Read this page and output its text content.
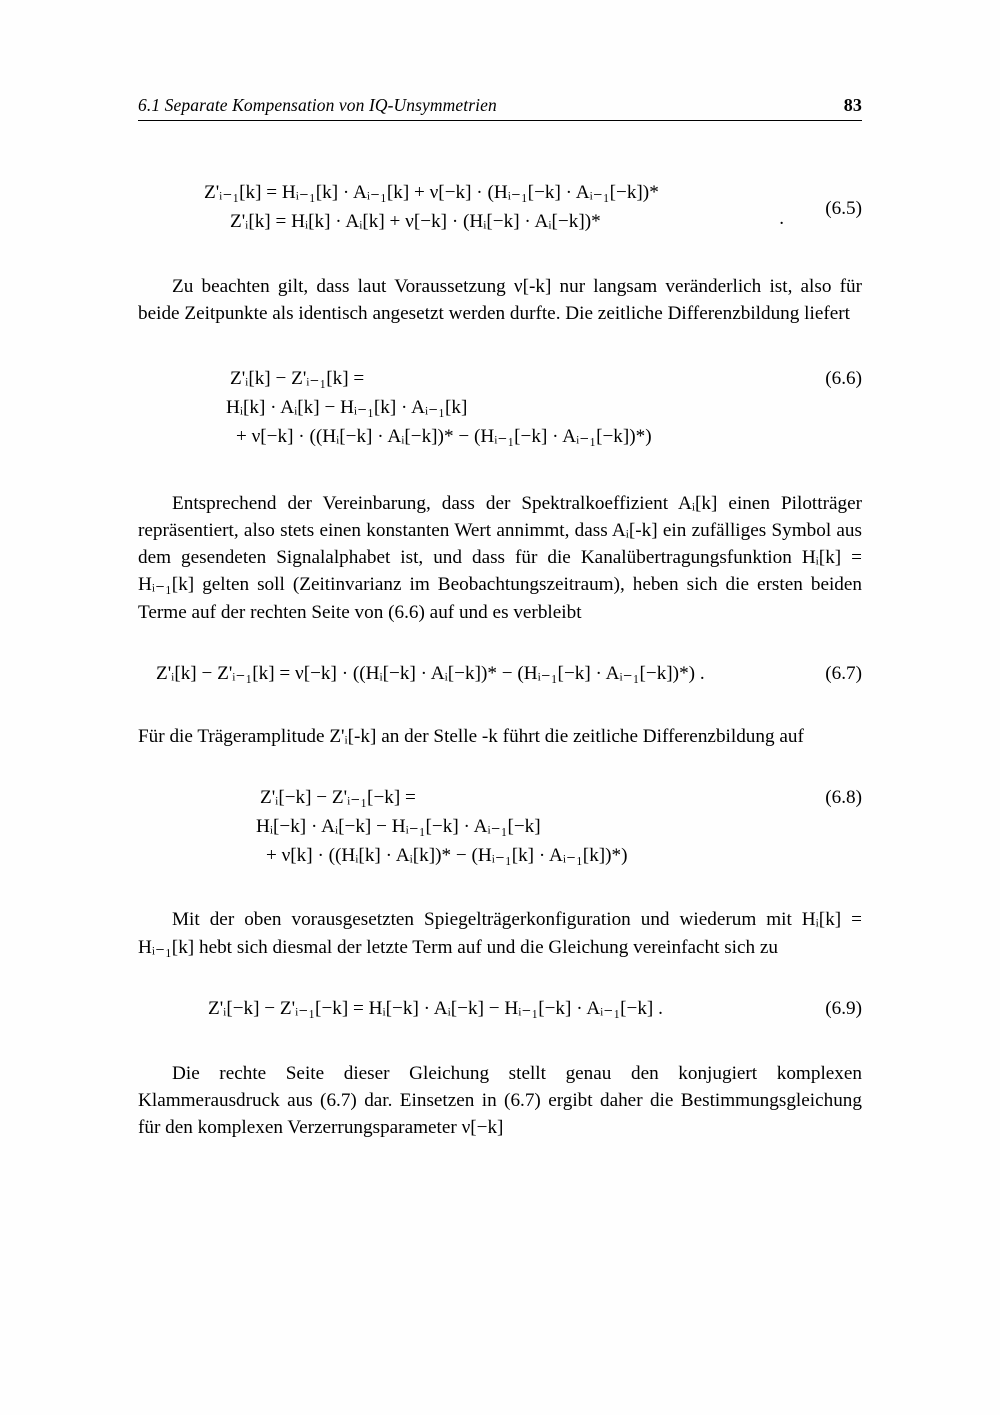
6.1 Separate Kompensation von IQ-Unsymmetrien	83
Z'ᵢ₋₁[k] = Hᵢ₋₁[k] · Aᵢ₋₁[k] + ν[−k] · (Hᵢ₋₁[−k] · Aᵢ₋₁[−k])*
Z'ᵢ[k] = Hᵢ[k] · Aᵢ[k] + ν[−k] · (Hᵢ[−k] · Aᵢ[−k])*	. (6.5)

Zu beachten gilt, dass laut Voraussetzung ν[-k] nur langsam veränderlich ist, also für beide Zeitpunkte als identisch angesetzt werden durfte. Die zeitliche Differenzbildung liefert

Z'ᵢ[k] − Z'ᵢ₋₁[k] =
Hᵢ[k] · Aᵢ[k] − Hᵢ₋₁[k] · Aᵢ₋₁[k]
+ ν[−k] · ((Hᵢ[−k] · Aᵢ[−k])* − (Hᵢ₋₁[−k] · Aᵢ₋₁[−k])*)
(6.6)

Entsprechend der Vereinbarung, dass der Spektralkoeffizient Aᵢ[k] einen Pilotträger repräsentiert, also stets einen konstanten Wert annimmt, dass Aᵢ[-k] ein zufälliges Symbol aus dem gesendeten Signalalphabet ist, und dass für die Kanalübertragungsfunktion Hᵢ[k] = Hᵢ₋₁[k] gelten soll (Zeitinvarianz im Beobachtungszeitraum), heben sich die ersten beiden Terme auf der rechten Seite von (6.6) auf und es verbleibt

Z'ᵢ[k] − Z'ᵢ₋₁[k] = ν[−k] · ((Hᵢ[−k] · Aᵢ[−k])* − (Hᵢ₋₁[−k] · Aᵢ₋₁[−k])*) .	(6.7)

Für die Trägeramplitude Z'ᵢ[-k] an der Stelle -k führt die zeitliche Differenzbildung auf

Z'ᵢ[−k] − Z'ᵢ₋₁[−k] =
Hᵢ[−k] · Aᵢ[−k] − Hᵢ₋₁[−k] · Aᵢ₋₁[−k]
+ ν[k] · ((Hᵢ[k] · Aᵢ[k])* − (Hᵢ₋₁[k] · Aᵢ₋₁[k])*)
(6.8)

Mit der oben vorausgesetzten Spiegelträgerkonfiguration und wiederum mit Hᵢ[k] = Hᵢ₋₁[k] hebt sich diesmal der letzte Term auf und die Gleichung vereinfacht sich zu

Z'ᵢ[−k] − Z'ᵢ₋₁[−k] = Hᵢ[−k] · Aᵢ[−k] − Hᵢ₋₁[−k] · Aᵢ₋₁[−k] .	(6.9)

Die rechte Seite dieser Gleichung stellt genau den konjugiert komplexen Klammerausdruck aus (6.7) dar. Einsetzen in (6.7) ergibt daher die Bestimmungsgleichung für den komplexen Verzerrungsparameter ν[−k]
